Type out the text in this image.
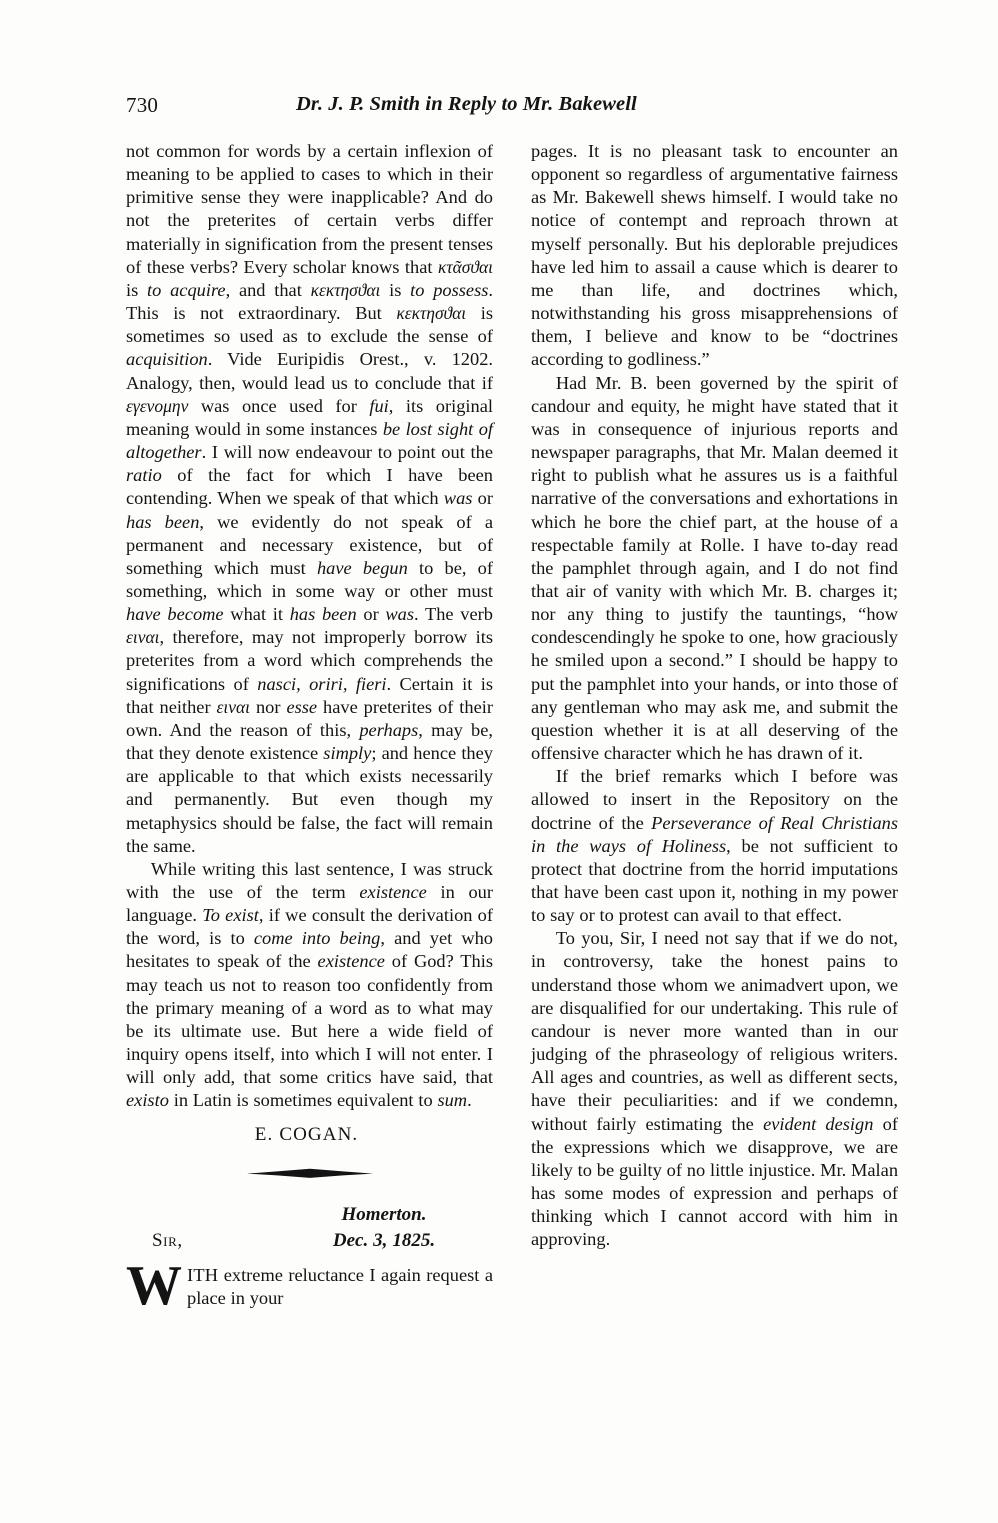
730	Dr. J. P. Smith in Reply to Mr. Bakewell

not common for words by a certain inflexion of meaning to be applied to cases to which in their primitive sense they were inapplicable? And do not the preterites of certain verbs differ materially in signification from the present tenses of these verbs? Every scholar knows that κτᾶσϑαι is to acquire, and that κεκτησϑαι is to possess. This is not extraordinary. But κεκτησϑαι is sometimes so used as to exclude the sense of acquisition. Vide Euripidis Orest., v. 1202. Analogy, then, would lead us to conclude that if εγενομην was once used for fui, its original meaning would in some instances be lost sight of altogether. I will now endeavour to point out the ratio of the fact for which I have been contending. When we speak of that which was or has been, we evidently do not speak of a permanent and necessary existence, but of something which must have begun to be, of something, which in some way or other must have become what it has been or was. The verb ειναι, therefore, may not improperly borrow its preterites from a word which comprehends the significations of nasci, oriri, fieri. Certain it is that neither ειναι nor esse have preterites of their own. And the reason of this, perhaps, may be, that they denote existence simply; and hence they are applicable to that which exists necessarily and permanently. But even though my metaphysics should be false, the fact will remain the same.

While writing this last sentence, I was struck with the use of the term existence in our language. To exist, if we consult the derivation of the word, is to come into being, and yet who hesitates to speak of the existence of God? This may teach us not to reason too confidently from the primary meaning of a word as to what may be its ultimate use. But here a wide field of inquiry opens itself, into which I will not enter. I will only add, that some critics have said, that existo in Latin is sometimes equivalent to sum.

E. COGAN.
Homerton.
Dec. 3, 1825.
Sir,
W ITH extreme reluctance I again request a place in your

pages. It is no pleasant task to encounter an opponent so regardless of argumentative fairness as Mr. Bakewell shews himself. I would take no notice of contempt and reproach thrown at myself personally. But his deplorable prejudices have led him to assail a cause which is dearer to me than life, and doctrines which, notwithstanding his gross misapprehensions of them, I believe and know to be “doctrines according to godliness.”

Had Mr. B. been governed by the spirit of candour and equity, he might have stated that it was in consequence of injurious reports and newspaper paragraphs, that Mr. Malan deemed it right to publish what he assures us is a faithful narrative of the conversations and exhortations in which he bore the chief part, at the house of a respectable family at Rolle. I have to-day read the pamphlet through again, and I do not find that air of vanity with which Mr. B. charges it; nor any thing to justify the tauntings, “how condescendingly he spoke to one, how graciously he smiled upon a second.” I should be happy to put the pamphlet into your hands, or into those of any gentleman who may ask me, and submit the question whether it is at all deserving of the offensive character which he has drawn of it.

If the brief remarks which I before was allowed to insert in the Repository on the doctrine of the Perseverance of Real Christians in the ways of Holiness, be not sufficient to protect that doctrine from the horrid imputations that have been cast upon it, nothing in my power to say or to protest can avail to that effect.

To you, Sir, I need not say that if we do not, in controversy, take the honest pains to understand those whom we animadvert upon, we are disqualified for our undertaking. This rule of candour is never more wanted than in our judging of the phraseology of religious writers. All ages and countries, as well as different sects, have their peculiarities: and if we condemn, without fairly estimating the evident design of the expressions which we disapprove, we are likely to be guilty of no little injustice. Mr. Malan has some modes of expression and perhaps of thinking which I cannot accord with him in approving.
